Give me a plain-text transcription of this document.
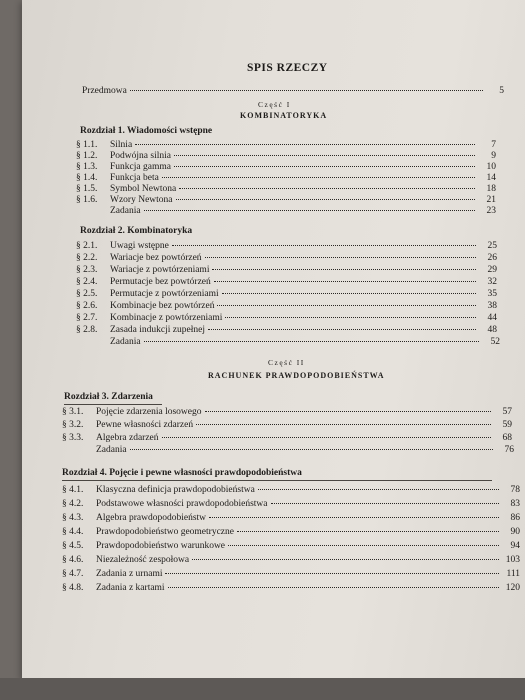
SPIS RZECZY
Przedmowa	5
Część I
KOMBINATORYKA
Rozdział 1. Wiadomości wstępne
§ 1.1.	Silnia	7
§ 1.2.	Podwójna silnia	9
§ 1.3.	Funkcja gamma	10
§ 1.4.	Funkcja beta	14
§ 1.5.	Symbol Newtona	18
§ 1.6.	Wzory Newtona	21
Zadania	23
Rozdział 2. Kombinatoryka
§ 2.1.	Uwagi wstępne	25
§ 2.2.	Wariacje bez powtórzeń	26
§ 2.3.	Wariacje z powtórzeniami	29
§ 2.4.	Permutacje bez powtórzeń	32
§ 2.5.	Permutacje z powtórzeniami	35
§ 2.6.	Kombinacje bez powtórzeń	38
§ 2.7.	Kombinacje z powtórzeniami	44
§ 2.8.	Zasada indukcji zupełnej	48
Zadania	52
Część II
RACHUNEK PRAWDOPODOBIEŃSTWA
Rozdział 3. Zdarzenia
§ 3.1.	Pojęcie zdarzenia losowego	57
§ 3.2.	Pewne własności zdarzeń	59
§ 3.3.	Algebra zdarzeń	68
Zadania	76
Rozdział 4. Pojęcie i pewne własności prawdopodobieństwa
§ 4.1.	Klasyczna definicja prawdopodobieństwa	78
§ 4.2.	Podstawowe własności prawdopodobieństwa	83
§ 4.3.	Algebra prawdopodobieństw	86
§ 4.4.	Prawdopodobieństwo geometryczne	90
§ 4.5.	Prawdopodobieństwo warunkowe	94
§ 4.6.	Niezależność zespołowa	103
§ 4.7.	Zadania z urnami	111
§ 4.8.	Zadania z kartami	120
